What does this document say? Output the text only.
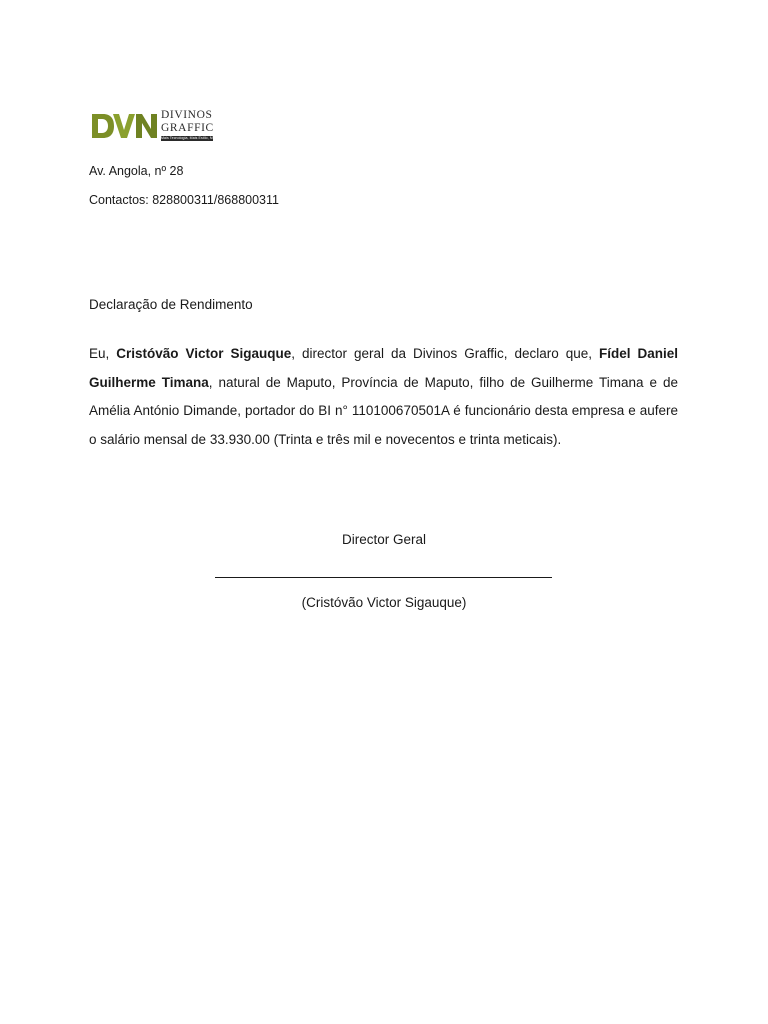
DIVINOS
GRAFFIC
Mais Tecnologia, Mais Estilo, Mais Vida
Av. Angola, nº 28
Contactos: 828800311/868800311
Declaração de Rendimento
Eu, Cristóvão Victor Sigauque, director geral da Divinos Graffic, declaro que, Fídel Daniel Guilherme Timana, natural de Maputo, Província de Maputo, filho de Guilherme Timana e de Amélia António Dimande, portador do BI n° 110100670501A é funcionário desta empresa e aufere o salário mensal de 33.930.00 (Trinta e três mil e novecentos e trinta meticais).
Director Geral
(Cristóvão Victor Sigauque)
